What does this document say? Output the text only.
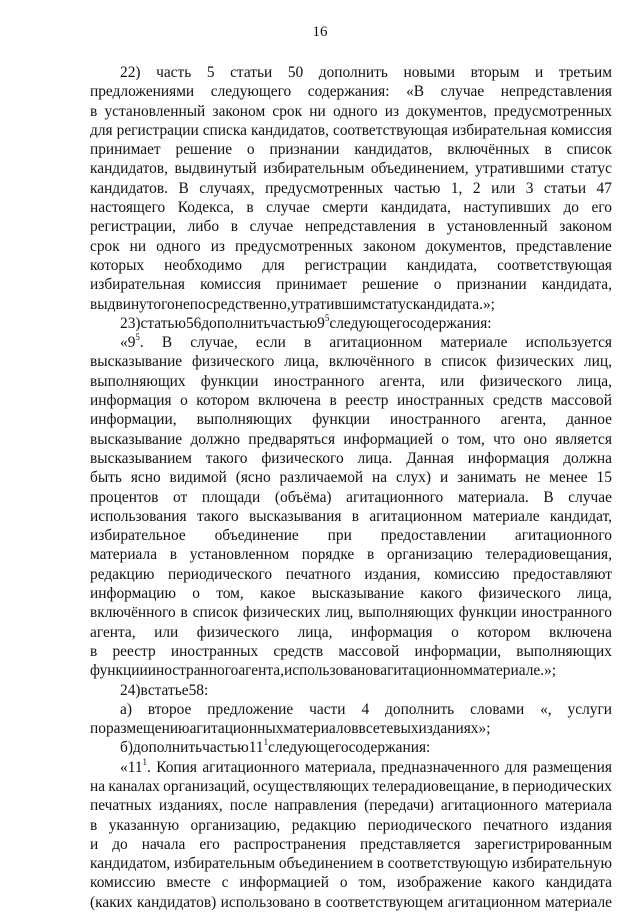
16
22) часть 5 статьи 50 дополнить новыми вторым и третьим
предложениями следующего содержания: «В случае непредставления
в установленный законом срок ни одного из документов, предусмотренных
для регистрации списка кандидатов, соответствующая избирательная комиссия
принимает решение о признании кандидатов, включённых в список
кандидатов, выдвинутый избирательным объединением, утратившими статус
кандидатов. В случаях, предусмотренных частью 1, 2 или 3 статьи 47
настоящего Кодекса, в случае смерти кандидата, наступивших до его
регистрации, либо в случае непредставления в установленный законом
срок ни одного из предусмотренных законом документов, представление
которых необходимо для регистрации кандидата, соответствующая
избирательная комиссия принимает решение о признании кандидата,
выдвинутого непосредственно, утратившим статус кандидата.»;
23) статью 56 дополнить частью $9^5$ следующего содержания:
«$9^5$. В случае, если в агитационном материале используется
высказывание физического лица, включённого в список физических лиц,
выполняющих функции иностранного агента, или физического лица,
информация о котором включена в реестр иностранных средств массовой
информации, выполняющих функции иностранного агента, данное
высказывание должно предваряться информацией о том, что оно является
высказыванием такого физического лица. Данная информация должна
быть ясно видимой (ясно различаемой на слух) и занимать не менее 15
процентов от площади (объёма) агитационного материала. В случае
использования такого высказывания в агитационном материале кандидат,
избирательное объединение при предоставлении агитационного
материала в установленном порядке в организацию телерадиовещания,
редакцию периодического печатного издания, комиссию предоставляют
информацию о том, какое высказывание какого физического лица,
включённого в список физических лиц, выполняющих функции иностранного
агента, или физического лица, информация о котором включена
в реестр иностранных средств массовой информации, выполняющих
функции иностранного агента, использовано в агитационном материале.»;
24) в статье 58:
а) второе предложение части 4 дополнить словами «, услуги
по размещению агитационных материалов в сетевых изданиях»;
б) дополнить частью $11^1$ следующего содержания:
«$11^1$. Копия агитационного материала, предназначенного для размещения
на каналах организаций, осуществляющих телерадиовещание, в периодических
печатных изданиях, после направления (передачи) агитационного материала
в указанную организацию, редакцию периодического печатного издания
и до начала его распространения представляется зарегистрированным
кандидатом, избирательным объединением в соответствующую избирательную
комиссию вместе с информацией о том, изображение какого кандидата
(каких кандидатов) использовано в соответствующем агитационном материале
